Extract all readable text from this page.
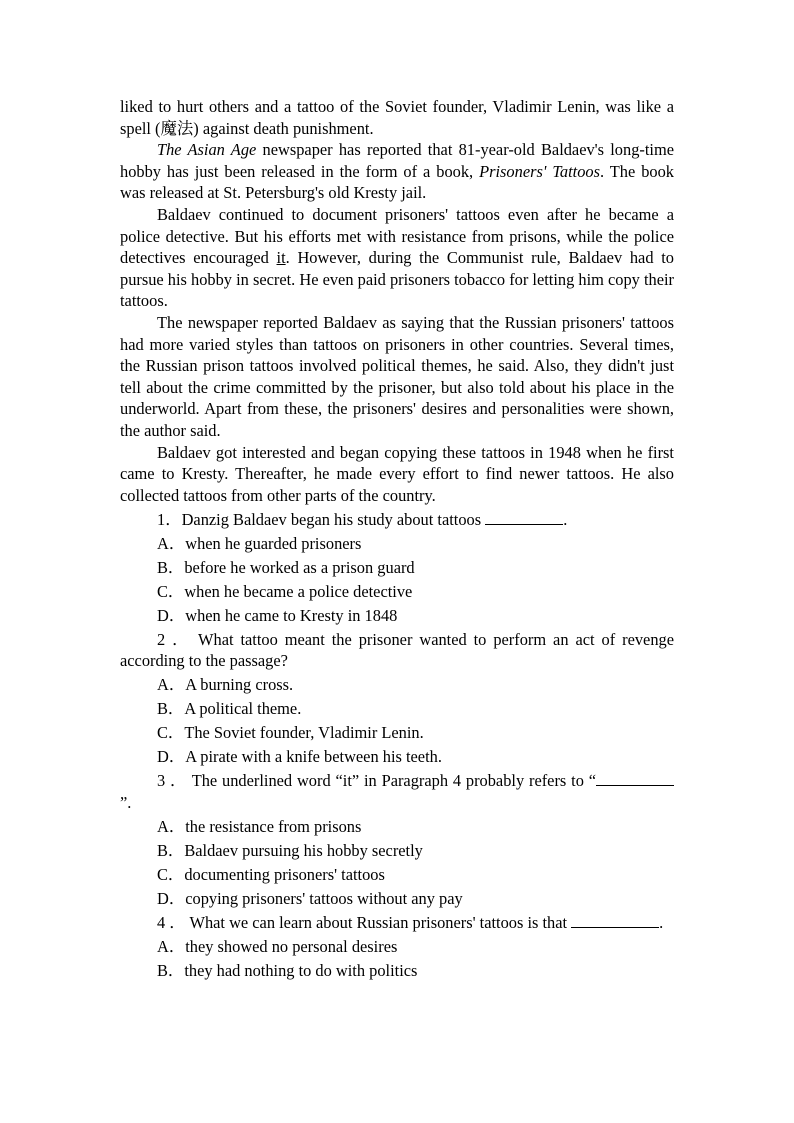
liked to hurt others and a tattoo of the Soviet founder, Vladimir Lenin, was like a spell (魔法) against death punishment.

The Asian Age newspaper has reported that 81-year-old Baldaev's long-time hobby has just been released in the form of a book, Prisoners' Tattoos. The book was released at St. Petersburg's old Kresty jail.

Baldaev continued to document prisoners' tattoos even after he became a police detective. But his efforts met with resistance from prisons, while the police detectives encouraged it. However, during the Communist rule, Baldaev had to pursue his hobby in secret. He even paid prisoners tobacco for letting him copy their tattoos.

The newspaper reported Baldaev as saying that the Russian prisoners' tattoos had more varied styles than tattoos on prisoners in other countries. Several times, the Russian prison tattoos involved political themes, he said. Also, they didn't just tell about the crime committed by the prisoner, but also told about his place in the underworld. Apart from these, the prisoners' desires and personalities were shown, the author said.

Baldaev got interested and began copying these tattoos in 1948 when he first came to Kresty. Thereafter, he made every effort to find newer tattoos. He also collected tattoos from other parts of the country.

1．Danzig Baldaev began his study about tattoos	.

A．when he guarded prisoners

B．before he worked as a prison guard

C．when he became a police detective

D．when he came to Kresty in 1848

2 ． What tattoo meant the prisoner wanted to perform an act of revenge according to the passage?

A．A burning cross.

B．A political theme.

C．The Soviet founder, Vladimir Lenin.

D．A pirate with a knife between his teeth.

3 ． The underlined word “it” in Paragraph 4 probably refers to “”.

A．the resistance from prisons

B．Baldaev pursuing his hobby secretly

C．documenting prisoners' tattoos

D．copying prisoners' tattoos without any pay

4 ． What we can learn about Russian prisoners' tattoos is that	.

A．they showed no personal desires

B．they had nothing to do with politics
